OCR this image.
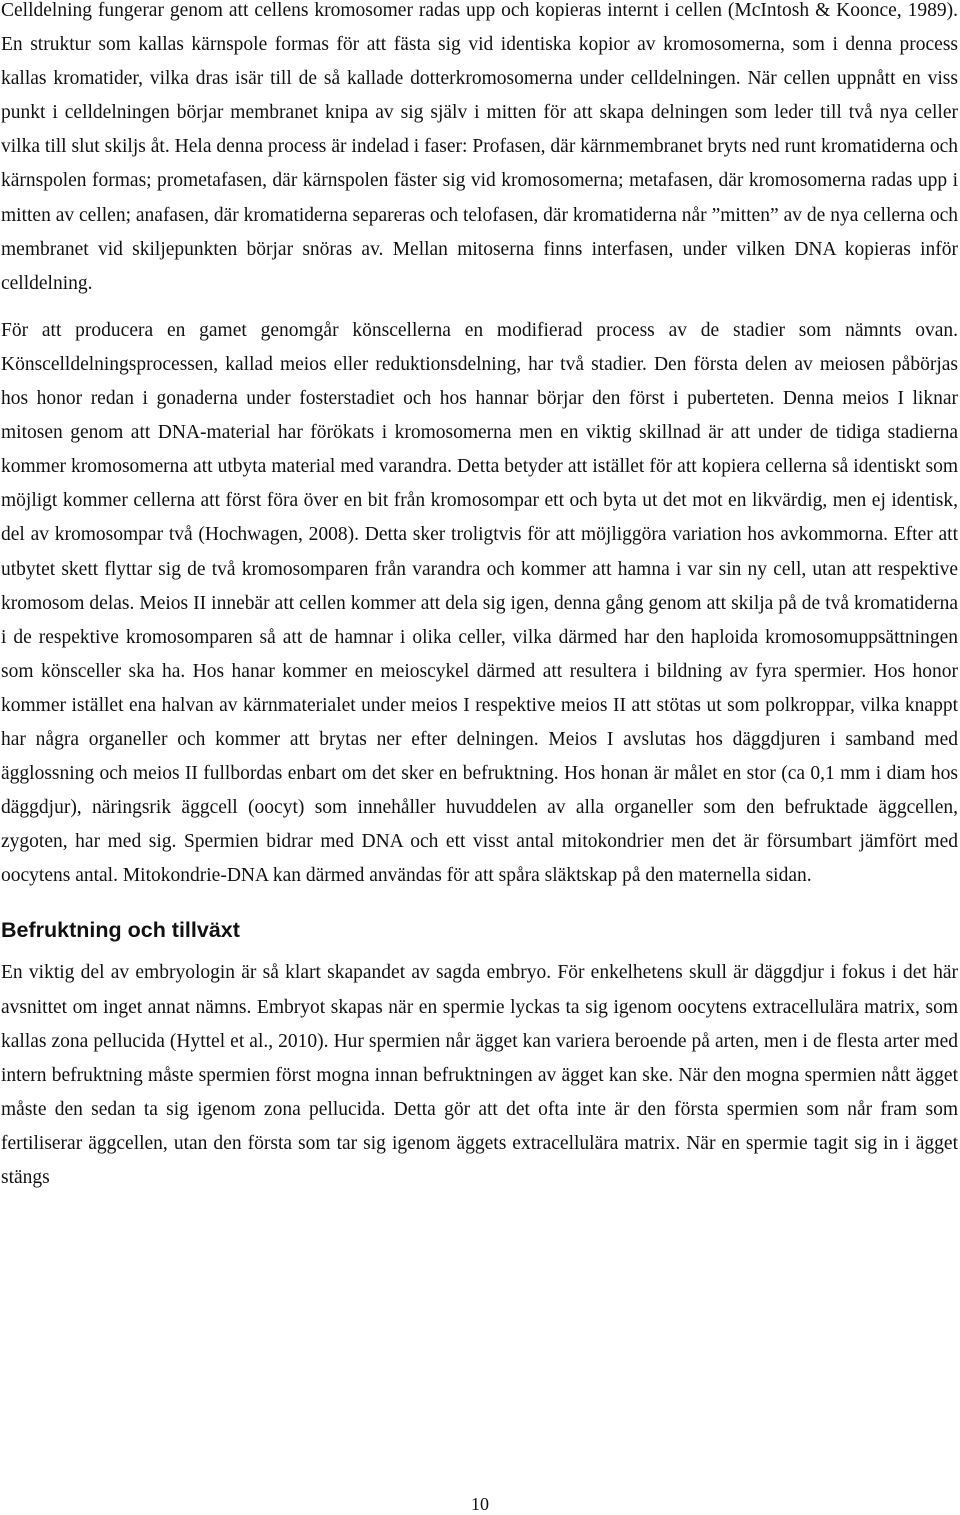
Celldelning fungerar genom att cellens kromosomer radas upp och kopieras internt i cellen (McIntosh & Kooncе, 1989). En struktur som kallas kärnspole formas för att fästa sig vid identiska kopior av kromosomerna, som i denna process kallas kromatider, vilka dras isär till de så kallade dotterkromosomerna under celldelningen. När cellen uppnått en viss punkt i celldelningen börjar membranet knipa av sig själv i mitten för att skapa delningen som leder till två nya celler vilka till slut skiljs åt. Hela denna process är indelad i faser: Profasen, där kärnmembranet bryts ned runt kromatiderna och kärnspolen formas; prometafasen, där kärnspolen fäster sig vid kromosomerna; metafasen, där kromosomerna radas upp i mitten av cellen; anafasen, där kromatiderna separeras och telofasen, där kromatiderna når ”mitten” av de nya cellerna och membranet vid skiljepunkten börjar snöras av. Mellan mitoserna finns interfasen, under vilken DNA kopieras inför celldelning.

För att producera en gamet genomgår könscellerna en modifierad process av de stadier som nämnts ovan. Könscelldelningsprocessen, kallad meios eller reduktionsdelning, har två stadier. Den första delen av meiosen påbörjas hos honor redan i gonaderna under fosterstadiet och hos hannar börjar den först i puberteten. Denna meios I liknar mitosen genom att DNA-material har förökats i kromosomerna men en viktig skillnad är att under de tidiga stadierna kommer kromosomerna att utbyta material med varandra. Detta betyder att istället för att kopiera cellerna så identiskt som möjligt kommer cellerna att först föra över en bit från kromosompar ett och byta ut det mot en likvärdig, men ej identisk, del av kromosompar två (Hochwagen, 2008). Detta sker troligtvis för att möjliggöra variation hos avkommorna. Efter att utbytet skett flyttar sig de två kromosomparen från varandra och kommer att hamna i var sin ny cell, utan att respektive kromosom delas. Meios II innebär att cellen kommer att dela sig igen, denna gång genom att skilja på de två kromatiderna i de respektive kromosomparen så att de hamnar i olika celler, vilka därmed har den haploida kromosomuppsättningen som könsceller ska ha. Hos hanar kommer en meioscykel därmed att resultera i bildning av fyra spermier. Hos honor kommer istället ena halvan av kärnmaterialet under meios I respektive meios II att stötas ut som polkroppar, vilka knappt har några organeller och kommer att brytas ner efter delningen. Meios I avslutas hos däggdjuren i samband med ägglossning och meios II fullbordas enbart om det sker en befruktning. Hos honan är målet en stor (ca 0,1 mm i diam hos däggdjur), näringsrik äggcell (oocyt) som innehåller huvuddelen av alla organeller som den befruktade äggcellen, zygoten, har med sig. Spermien bidrar med DNA och ett visst antal mitokondrier men det är försumbart jämfört med oocytens antal. Mitokondrie-DNA kan därmed användas för att spåra släktskap på den maternella sidan.

Befruktning och tillväxt

En viktig del av embryologin är så klart skapandet av sagda embryo. För enkelhetens skull är däggdjur i fokus i det här avsnittet om inget annat nämns. Embryot skapas när en spermie lyckas ta sig igenom oocytens extracellulära matrix, som kallas zona pellucida (Hyttel et al., 2010). Hur spermien når ägget kan variera beroende på arten, men i de flesta arter med intern befruktning måste spermien först mogna innan befruktningen av ägget kan ske. När den mogna spermien nått ägget måste den sedan ta sig igenom zona pellucida. Detta gör att det ofta inte är den första spermien som når fram som fertiliserar äggcellen, utan den första som tar sig igenom äggets extracellulära matrix. När en spermie tagit sig in i ägget stängs

10
